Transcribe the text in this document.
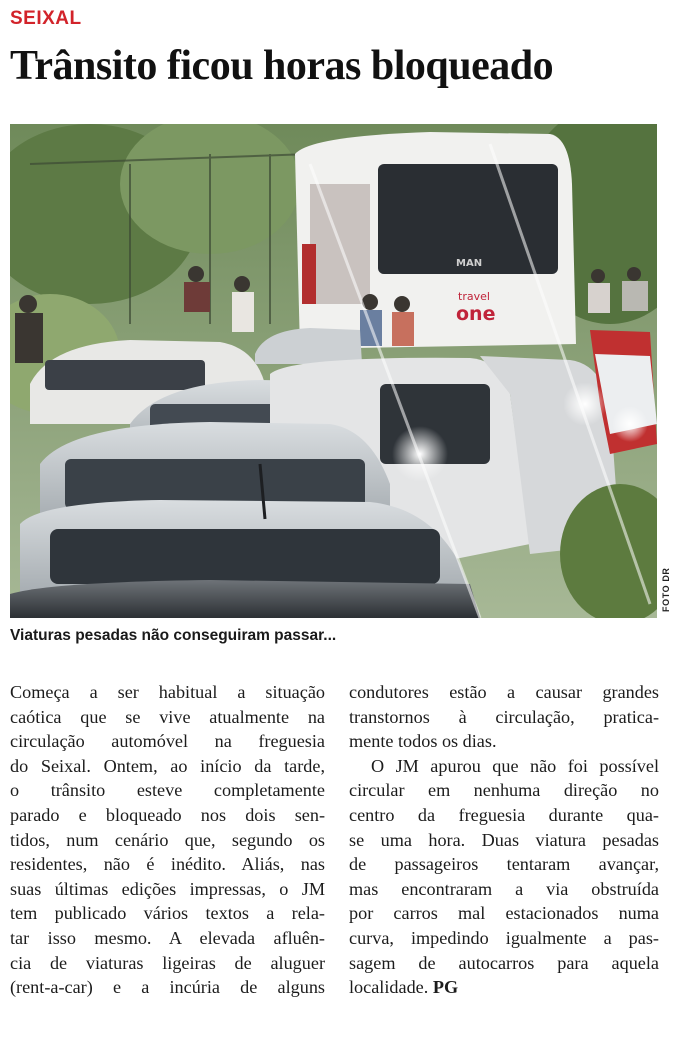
SEIXAL
Trânsito ficou horas bloqueado
MAN
travel
one
FOTO DR
Viaturas pesadas não conseguiram passar...
Começa a ser habitual a situação
caótica que se vive atualmente na
circulação automóvel na freguesia
do Seixal. Ontem, ao início da tarde,
o trânsito esteve completamente
parado e bloqueado nos dois sen-
tidos, num cenário que, segundo os
residentes, não é inédito. Aliás, nas
suas últimas edições impressas, o JM
tem publicado vários textos a rela-
tar isso mesmo. A elevada afluên-
cia de viaturas ligeiras de aluguer
(rent-a-car) e a incúria de alguns
condutores estão a causar grandes
transtornos à circulação, pratica-
mente todos os dias.
O JM apurou que não foi possível
circular em nenhuma direção no
centro da freguesia durante qua-
se uma hora. Duas viatura pesadas
de passageiros tentaram avançar,
mas encontraram a via obstruída
por carros mal estacionados numa
curva, impedindo igualmente a pas-
sagem de autocarros para aquela
localidade. PG
